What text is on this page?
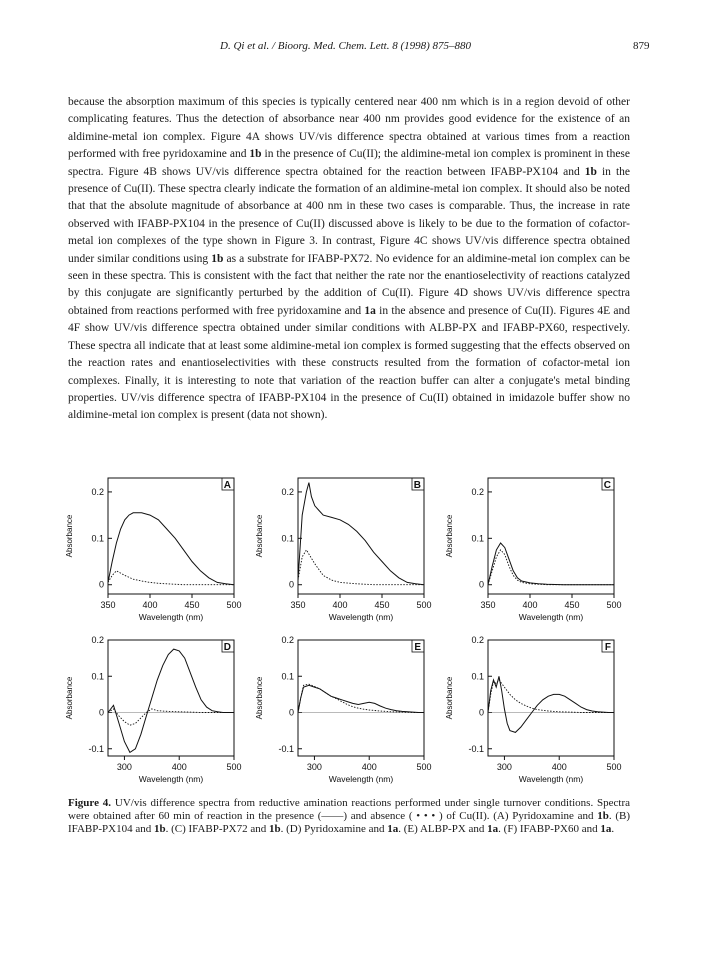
D. Qi et al. / Bioorg. Med. Chem. Lett. 8 (1998) 875–880	879
because the absorption maximum of this species is typically centered near 400 nm which is in a region devoid of other complicating features. Thus the detection of absorbance near 400 nm provides good evidence for the existence of an aldimine-metal ion complex. Figure 4A shows UV/vis difference spectra obtained at various times from a reaction performed with free pyridoxamine and 1b in the presence of Cu(II); the aldimine-metal ion complex is prominent in these spectra. Figure 4B shows UV/vis difference spectra obtained for the reaction between IFABP-PX104 and 1b in the presence of Cu(II). These spectra clearly indicate the formation of an aldimine-metal ion complex. It should also be noted that that the absolute magnitude of absorbance at 400 nm in these two cases is comparable. Thus, the increase in rate observed with IFABP-PX104 in the presence of Cu(II) discussed above is likely to be due to the formation of cofactor-metal ion complexes of the type shown in Figure 3. In contrast, Figure 4C shows UV/vis difference spectra obtained under similar conditions using 1b as a substrate for IFABP-PX72. No evidence for an aldimine-metal ion complex can be seen in these spectra. This is consistent with the fact that neither the rate nor the enantioselectivity of reactions catalyzed by this conjugate are significantly perturbed by the addition of Cu(II). Figure 4D shows UV/vis difference spectra obtained from reactions performed with free pyridoxamine and 1a in the absence and presence of Cu(II). Figures 4E and 4F show UV/vis difference spectra obtained under similar conditions with ALBP-PX and IFABP-PX60, respectively. These spectra all indicate that at least some aldimine-metal ion complex is formed suggesting that the effects observed on the reaction rates and enantioselectivities with these constructs resulted from the formation of cofactor-metal ion complexes. Finally, it is interesting to note that variation of the reaction buffer can alter a conjugate's metal binding properties. UV/vis difference spectra of IFABP-PX104 in the presence of Cu(II) obtained in imidazole buffer show no aldimine-metal ion complex is present (data not shown).
A
0
0.1
0.2
350	400	450	500
Wavelength (nm)
Absorbance
B
0
0.2
0.1
350	400	450	500
Wavelength (nm)
Absorbance
C
0
0.1
0.2
350	400	450	500
Wavelength (nm)
Absorbance
D
0.2
0.1
0
-0.1
300	400	500
Wavelength (nm)
Absorbance
E
0.2
0.1
0
-0.1
300	400	500
Wavelength (nm)
Absorbance
F
0.2
0.1
0
-0.1
300	400	500
Wavelength (nm)
Absorbance
Figure 4. UV/vis difference spectra from reductive amination reactions performed under single turnover conditions. Spectra were obtained after 60 min of reaction in the presence (——) and absence ( • • • ) of Cu(II). (A) Pyridoxamine and 1b. (B) IFABP-PX104 and 1b. (C) IFABP-PX72 and 1b. (D) Pyridoxamine and 1a. (E) ALBP-PX and 1a. (F) IFABP-PX60 and 1a.
